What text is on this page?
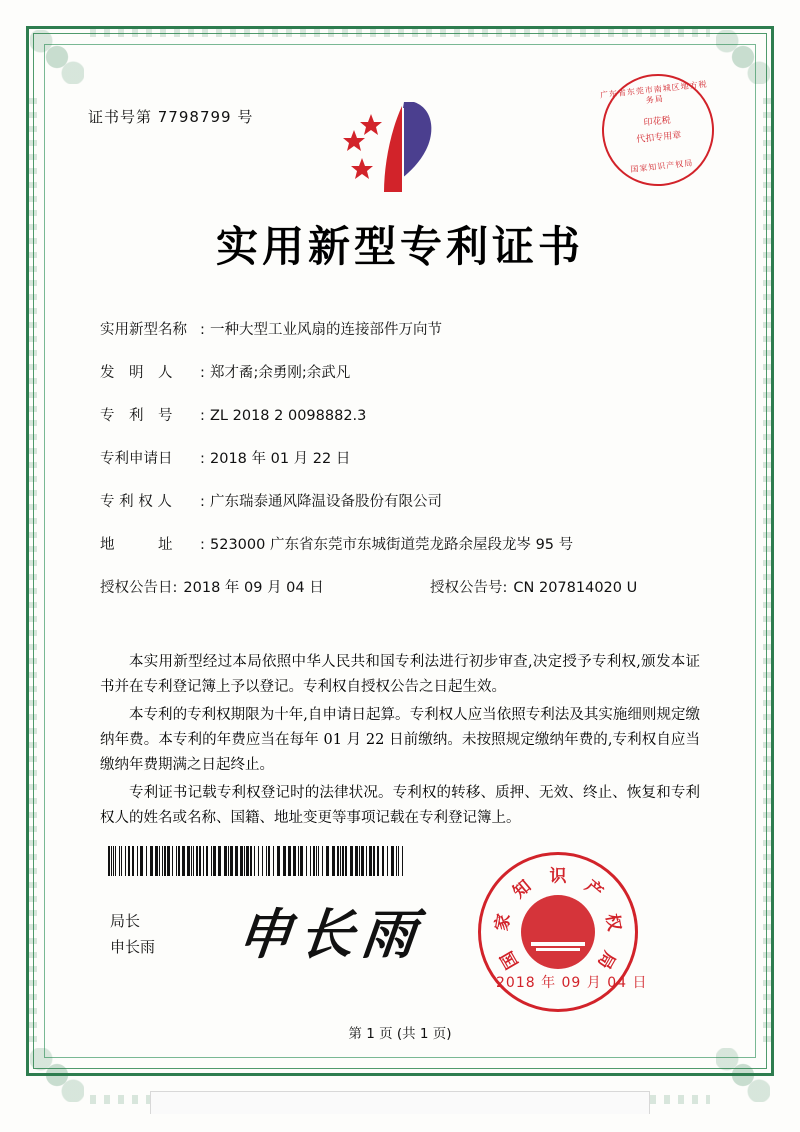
证书号第 7798799 号
广东省东莞市南城区地方税务局
印花税
代扣专用章
国家知识产权局
实用新型专利证书
实用新型名称 : 一种大型工业风扇的连接部件万向节
发　明　人	: 郑才矞;余勇刚;余武凡
专　利　号	: ZL 2018 2 0098882.3
专利申请日	: 2018 年 01 月 22 日
专 利 权 人	: 广东瑞泰通风降温设备股份有限公司
地　　　址	: 523000 广东省东莞市东城街道莞龙路余屋段龙岑 95 号
授权公告日: 2018 年 09 月 04 日	授权公告号: CN 207814020 U

本实用新型经过本局依照中华人民共和国专利法进行初步审查,决定授予专利权,颁发本证书并在专利登记簿上予以登记。专利权自授权公告之日起生效。

本专利的专利权期限为十年,自申请日起算。专利权人应当依照专利法及其实施细则规定缴纳年费。本专利的年费应当在每年 01 月 22 日前缴纳。未按照规定缴纳年费的,专利权自应当缴纳年费期满之日起终止。

专利证书记载专利权登记时的法律状况。专利权的转移、质押、无效、终止、恢复和专利权人的姓名或名称、国籍、地址变更等事项记载在专利登记簿上。

局长
申长雨 申长雨	国
家
知 识 产
权
局
2018 年 09 月 04 日
第 1 页 (共 1 页)
